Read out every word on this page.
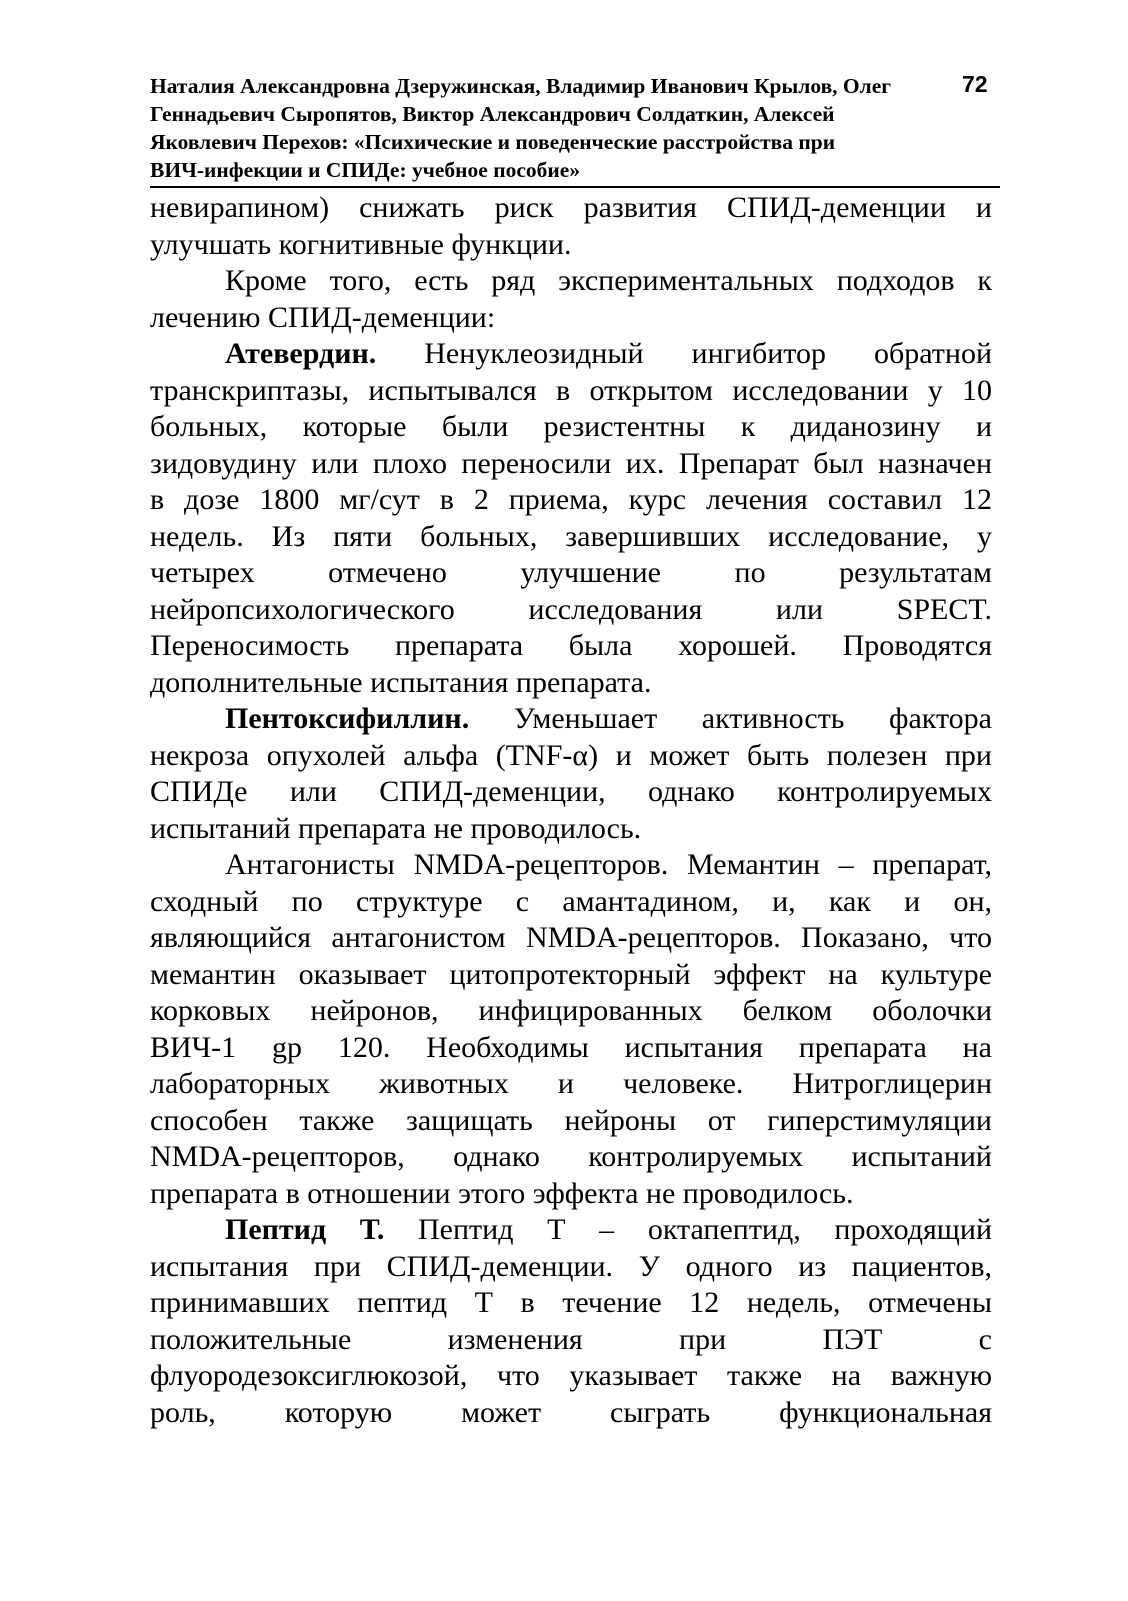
Наталия Александровна Дзеружинская, Владимир Иванович Крылов, Олег
Геннадьевич Сыропятов, Виктор Александрович Солдаткин, Алексей
Яковлевич Перехов: «Психические и поведенческие расстройства при
ВИЧ-инфекции и СПИДе: учебное пособие»
72
невирапином) снижать риск развития СПИД-деменции и
улучшать когнитивные функции.
Кроме того, есть ряд экспериментальных подходов к
лечению СПИД-деменции:
Атевердин. Ненуклеозидный ингибитор обратной
транскриптазы, испытывался в открытом исследовании у 10
больных, которые были резистентны к диданозину и
зидовудину или плохо переносили их. Препарат был назначен
в дозе 1800 мг/сут в 2 приема, курс лечения составил 12
недель. Из пяти больных, завершивших исследование, у
четырех отмечено улучшение по результатам
нейропсихологического исследования или SPECT.
Переносимость препарата была хорошей. Проводятся
дополнительные испытания препарата.
Пентоксифиллин. Уменьшает активность фактора
некроза опухолей альфа (TNF-α) и может быть полезен при
СПИДе или СПИД-деменции, однако контролируемых
испытаний препарата не проводилось.
Антагонисты NMDA-рецепторов. Мемантин – препарат,
сходный по структуре с амантадином, и, как и он,
являющийся антагонистом NMDA-рецепторов. Показано, что
мемантин оказывает цитопротекторный эффект на культуре
корковых нейронов, инфицированных белком оболочки
ВИЧ-1 gp 120. Необходимы испытания препарата на
лабораторных животных и человеке. Нитроглицерин
способен также защищать нейроны от гиперстимуляции
NMDA-рецепторов, однако контролируемых испытаний
препарата в отношении этого эффекта не проводилось.
Пептид Т. Пептид Т – октапептид, проходящий
испытания при СПИД-деменции. У одного из пациентов,
принимавших пептид Т в течение 12 недель, отмечены
положительные изменения при ПЭТ с
флуородезоксиглюкозой, что указывает также на важную
роль, которую может сыграть функциональная
